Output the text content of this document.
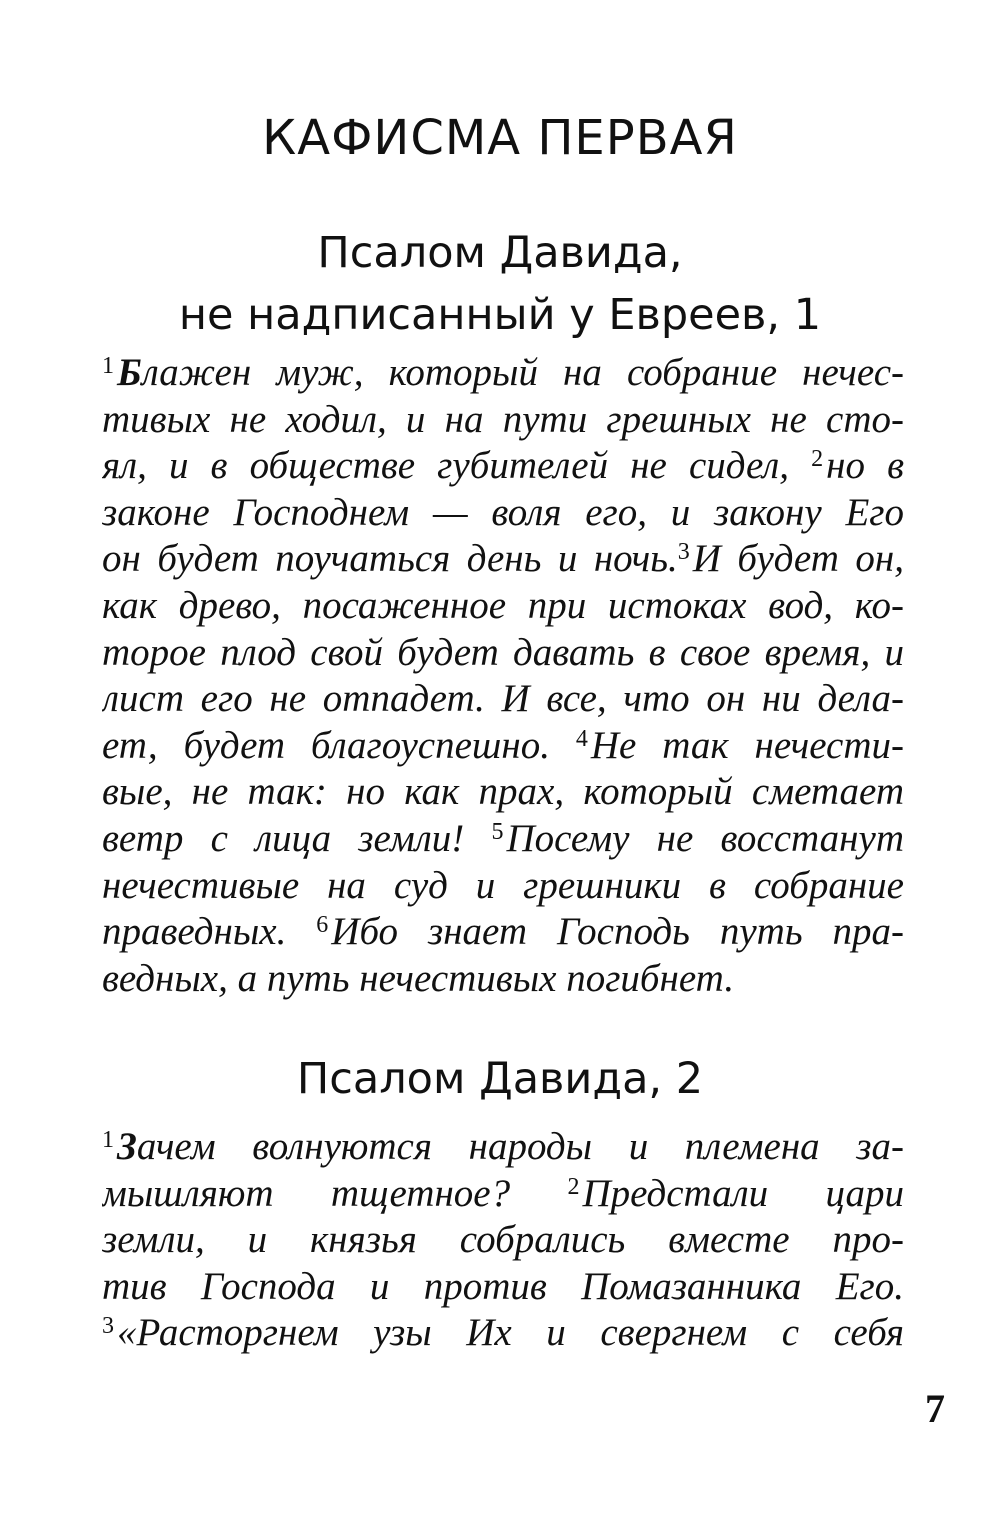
КАФИСМА ПЕРВАЯ
Псалом Давида,
не надписанный у Евреев, 1
$^1$Блажен муж, который на собрание нечес-
тивых не ходил, и на пути грешных не сто-
ял, и в обществе губителей не сидел, $^2$но в
законе Господнем — воля его, и закону Его
он будет поучаться день и ночь.$^3$И будет он,
как древо, посаженное при истоках вод, ко-
торое плод свой будет давать в свое время, и
лист его не отпадет. И все, что он ни дела-
ет, будет благоуспешно. $^4$Не так нечести-
вые, не так: но как прах, который сметает
ветр с лица земли! $^5$Посему не восстанут
нечестивые на суд и грешники в собрание
праведных. $^6$Ибо знает Господь путь пра-
ведных, а путь нечестивых погибнет.
Псалом Давида, 2
$^1$Зачем волнуются народы и племена за-
мышляют тщетное? $^2$Предстали цари
земли, и князья собрались вместе про-
тив Господа и против Помазанника Его.
$^3$«Расторгнем узы Их и свергнем с себя

7
